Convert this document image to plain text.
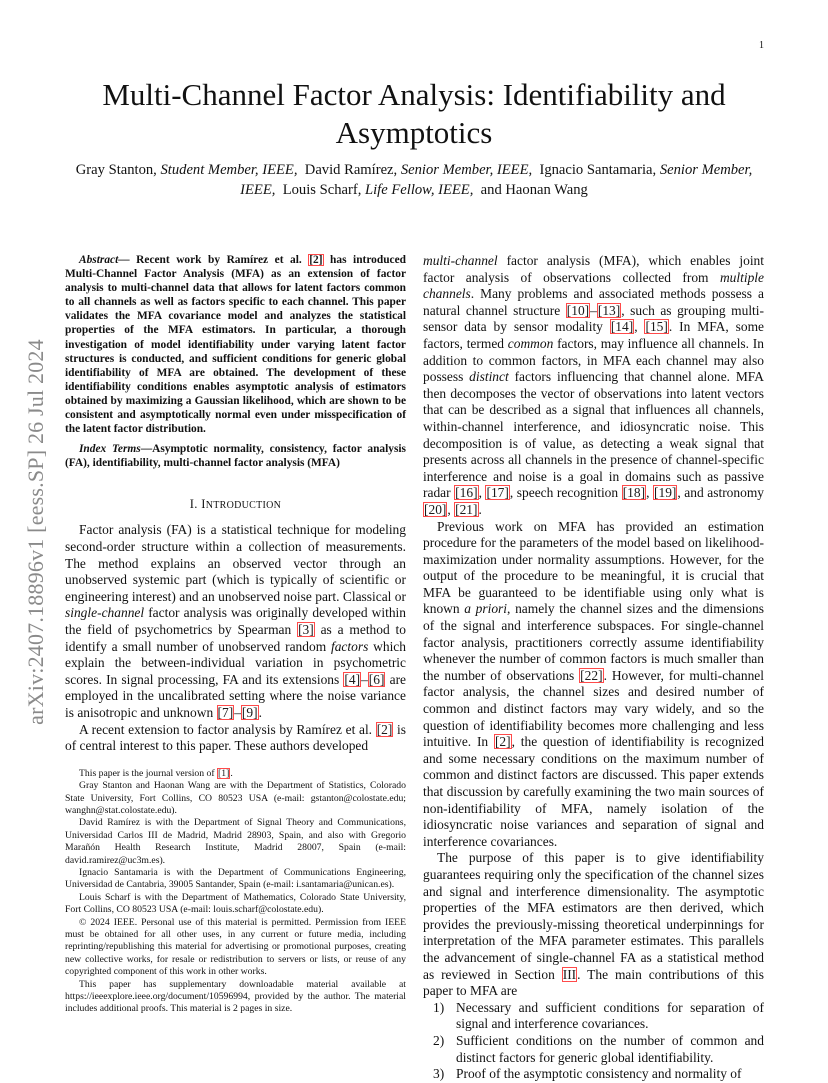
1
arXiv:2407.18896v1 [eess.SP] 26 Jul 2024
Multi-Channel Factor Analysis: Identifiability and Asymptotics
Gray Stanton, Student Member, IEEE, David Ramírez, Senior Member, IEEE, Ignacio Santamaria, Senior Member, IEEE, Louis Scharf, Life Fellow, IEEE, and Haonan Wang

Abstract— Recent work by Ramírez et al. [2] has introduced Multi-Channel Factor Analysis (MFA) as an extension of factor analysis to multi-channel data that allows for latent factors common to all channels as well as factors specific to each channel. This paper validates the MFA covariance model and analyzes the statistical properties of the MFA estimators. In particular, a thorough investigation of model identifiability under varying latent factor structures is conducted, and sufficient conditions for generic global identifiability of MFA are obtained. The development of these identifiability conditions enables asymptotic analysis of estimators obtained by maximizing a Gaussian likelihood, which are shown to be consistent and asymptotically normal even under misspecification of the latent factor distribution.

Index Terms—Asymptotic normality, consistency, factor analysis (FA), identifiability, multi-channel factor analysis (MFA)

I. INTRODUCTION

Factor analysis (FA) is a statistical technique for modeling second-order structure within a collection of measurements. The method explains an observed vector through an unobserved systemic part (which is typically of scientific or engineering interest) and an unobserved noise part. Classical or single-channel factor analysis was originally developed within the field of psychometrics by Spearman [3] as a method to identify a small number of unobserved random factors which explain the between-individual variation in psychometric scores. In signal processing, FA and its extensions [4]–[6] are employed in the uncalibrated setting where the noise variance is anisotropic and unknown [7]–[9].

A recent extension to factor analysis by Ramírez et al. [2] is of central interest to this paper. These authors developed

This paper is the journal version of [1].

Gray Stanton and Haonan Wang are with the Department of Statistics, Colorado State University, Fort Collins, CO 80523 USA (e-mail: gstanton@colostate.edu; wanghn@stat.colostate.edu).

David Ramírez is with the Department of Signal Theory and Communications, Universidad Carlos III de Madrid, Madrid 28903, Spain, and also with Gregorio Marañón Health Research Institute, Madrid 28007, Spain (e-mail: david.ramirez@uc3m.es).

Ignacio Santamaria is with the Department of Communications Engineering, Universidad de Cantabria, 39005 Santander, Spain (e-mail: i.santamaria@unican.es).

Louis Scharf is with the Department of Mathematics, Colorado State University, Fort Collins, CO 80523 USA (e-mail: louis.scharf@colostate.edu).

© 2024 IEEE. Personal use of this material is permitted. Permission from IEEE must be obtained for all other uses, in any current or future media, including reprinting/republishing this material for advertising or promotional purposes, creating new collective works, for resale or redistribution to servers or lists, or reuse of any copyrighted component of this work in other works.

This paper has supplementary downloadable material available at https://ieeexplore.ieee.org/document/10596994, provided by the author. The material includes additional proofs. This material is 2 pages in size.

multi-channel factor analysis (MFA), which enables joint factor analysis of observations collected from multiple channels. Many problems and associated methods possess a natural channel structure [10]–[13], such as grouping multi-sensor data by sensor modality [14], [15]. In MFA, some factors, termed common factors, may influence all channels. In addition to common factors, in MFA each channel may also possess distinct factors influencing that channel alone. MFA then decomposes the vector of observations into latent vectors that can be described as a signal that influences all channels, within-channel interference, and idiosyncratic noise. This decomposition is of value, as detecting a weak signal that presents across all channels in the presence of channel-specific interference and noise is a goal in domains such as passive radar [16], [17], speech recognition [18], [19], and astronomy [20], [21].

Previous work on MFA has provided an estimation procedure for the parameters of the model based on likelihood-maximization under normality assumptions. However, for the output of the procedure to be meaningful, it is crucial that MFA be guaranteed to be identifiable using only what is known a priori, namely the channel sizes and the dimensions of the signal and interference subspaces. For single-channel factor analysis, practitioners correctly assume identifiability whenever the number of common factors is much smaller than the number of observations [22]. However, for multi-channel factor analysis, the channel sizes and desired number of common and distinct factors may vary widely, and so the question of identifiability becomes more challenging and less intuitive. In [2], the question of identifiability is recognized and some necessary conditions on the maximum number of common and distinct factors are discussed. This paper extends that discussion by carefully examining the two main sources of non-identifiability of MFA, namely isolation of the idiosyncratic noise variances and separation of signal and interference covariances.

The purpose of this paper is to give identifiability guarantees requiring only the specification of the channel sizes and signal and interference dimensionality. The asymptotic properties of the MFA estimators are then derived, which provides the previously-missing theoretical underpinnings for interpretation of the MFA parameter estimates. This parallels the advancement of single-channel FA as a statistical method as reviewed in Section III. The main contributions of this paper to MFA are

1) Necessary and sufficient conditions for separation of signal and interference covariances.
2) Sufficient conditions on the number of common and distinct factors for generic global identifiability.
3) Proof of the asymptotic consistency and normality of
